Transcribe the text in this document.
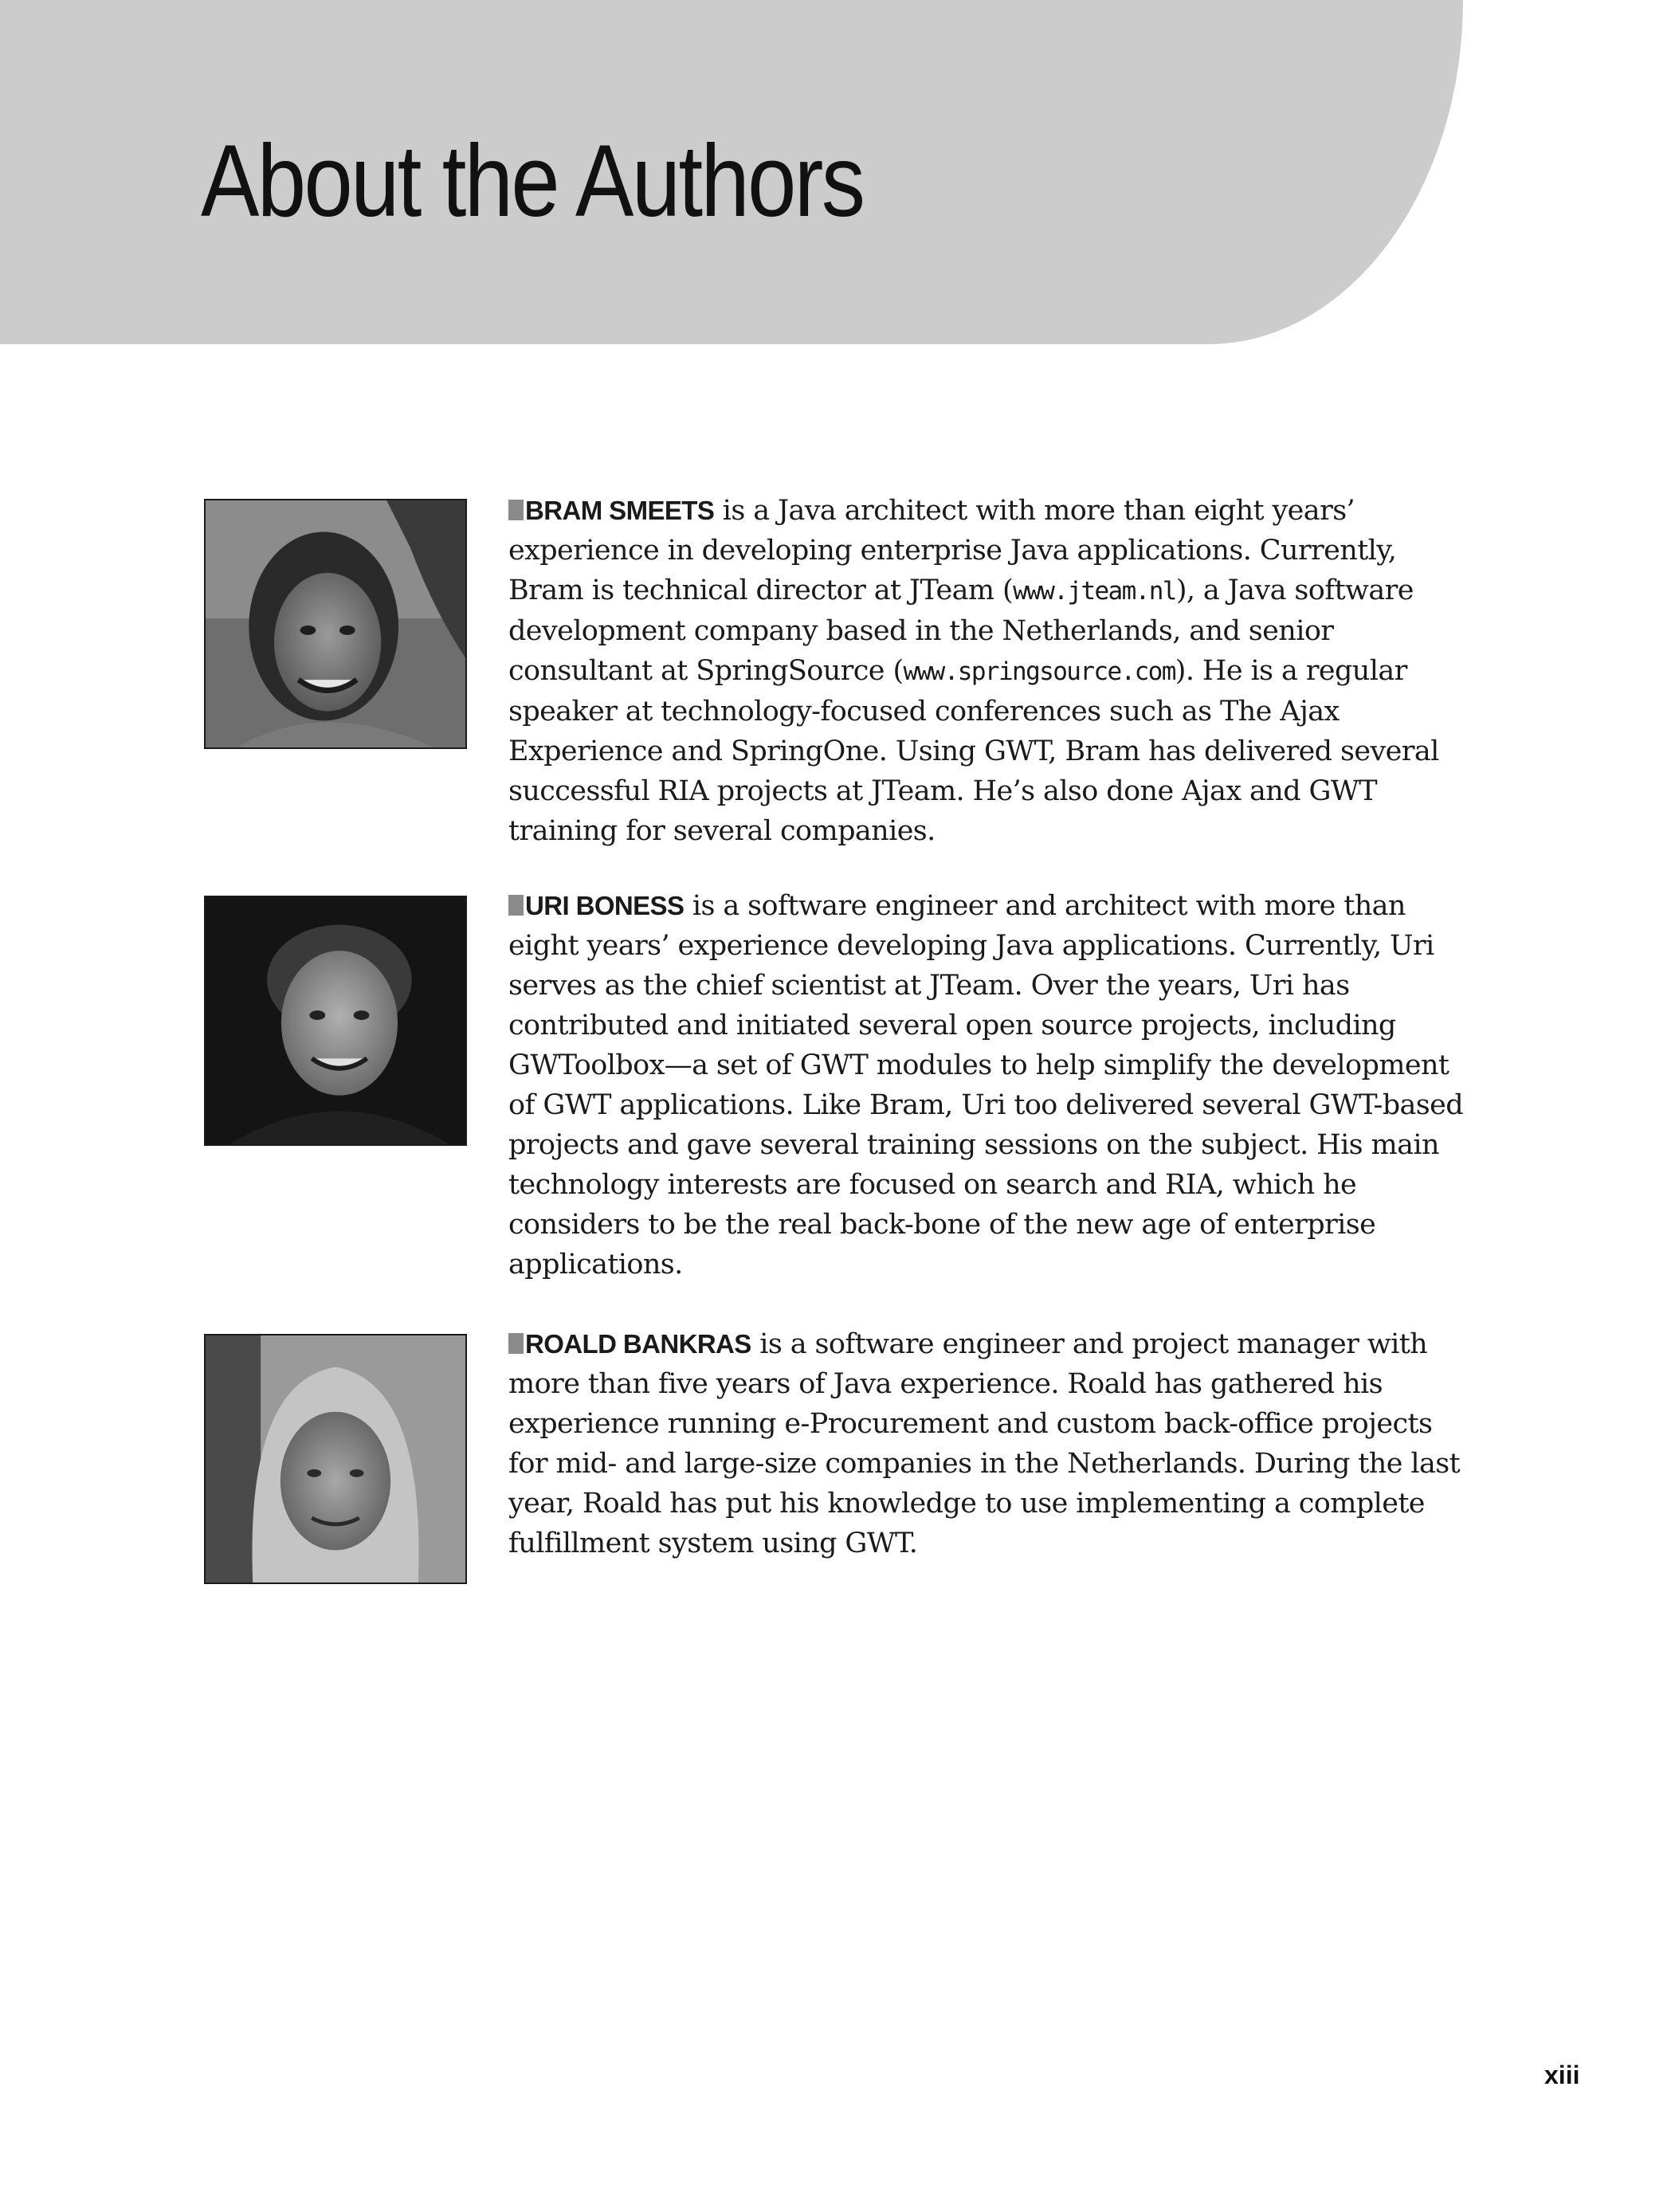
About the Authors

BRAM SMEETS is a Java architect with more than eight years’ experience in developing enterprise Java applications. Currently, Bram is technical director at JTeam (www.jteam.nl), a Java software development company based in the Netherlands, and senior consultant at SpringSource (www.springsource.com). He is a regular speaker at technology-focused conferences such as The Ajax Experience and SpringOne. Using GWT, Bram has delivered several successful RIA projects at JTeam. He’s also done Ajax and GWT training for several companies.

URI BONESS is a software engineer and architect with more than eight years’ experience developing Java applications. Currently, Uri serves as the chief scientist at JTeam. Over the years, Uri has contributed and initiated several open source projects, including GWToolbox—a set of GWT modules to help simplify the development of GWT applications. Like Bram, Uri too delivered several GWT-based projects and gave several training sessions on the subject. His main technology interests are focused on search and RIA, which he considers to be the real back-bone of the new age of enterprise applications.

ROALD BANKRAS is a software engineer and project manager with more than five years of Java experience. Roald has gathered his experience running e-Procurement and custom back-office projects for mid- and large-size companies in the Netherlands. During the last year, Roald has put his knowledge to use implementing a complete fulfillment system using GWT.

xiii
